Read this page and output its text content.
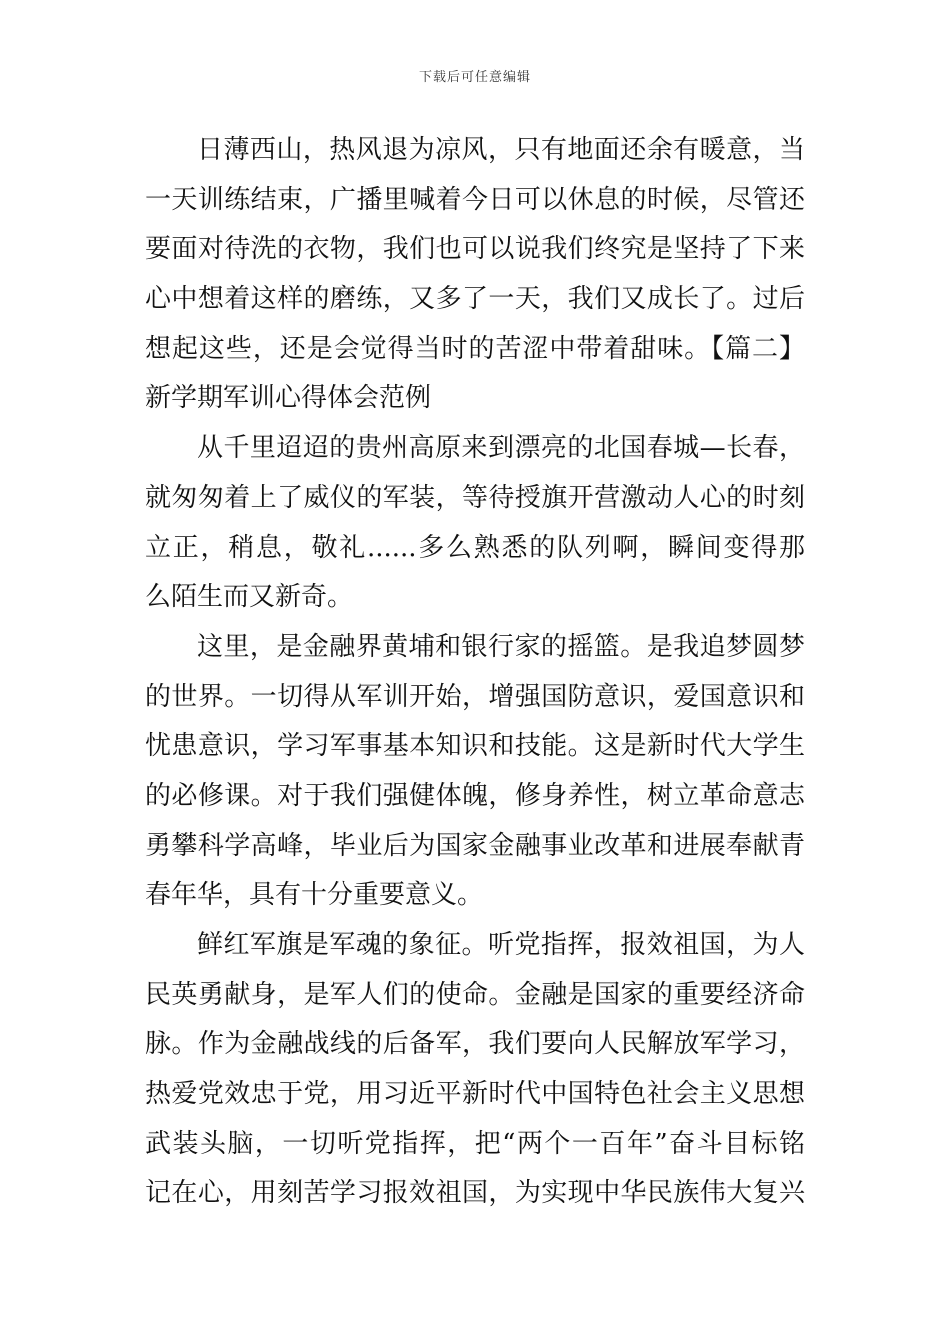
下载后可任意编辑
日薄西山，热风退为凉风，只有地面还余有暖意，当
一天训练结束，广播里喊着今日可以休息的时候，尽管还
要面对待洗的衣物，我们也可以说我们终究是坚持了下来
心中想着这样的磨练，又多了一天，我们又成长了。过后
想起这些，还是会觉得当时的苦涩中带着甜味。【篇二】
新学期军训心得体会范例
从千里迢迢的贵州高原来到漂亮的北国春城—长春，
就匆匆着上了威仪的军装，等待授旗开营激动人心的时刻
立正，稍息，敬礼......多么熟悉的队列啊，瞬间变得那
么陌生而又新奇。
这里，是金融界黄埔和银行家的摇篮。是我追梦圆梦
的世界。一切得从军训开始，增强国防意识，爱国意识和
忧患意识，学习军事基本知识和技能。这是新时代大学生
的必修课。对于我们强健体魄，修身养性，树立革命意志
勇攀科学高峰，毕业后为国家金融事业改革和进展奉献青
春年华，具有十分重要意义。
鲜红军旗是军魂的象征。听党指挥，报效祖国，为人
民英勇献身，是军人们的使命。金融是国家的重要经济命
脉。作为金融战线的后备军，我们要向人民解放军学习，
热爱党效忠于党，用习近平新时代中国特色社会主义思想
武装头脑，一切听党指挥，把“两个一百年”奋斗目标铭
记在心，用刻苦学习报效祖国，为实现中华民族伟大复兴
